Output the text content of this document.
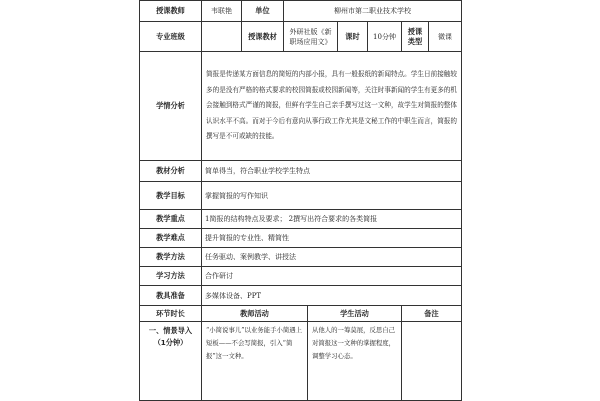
授课教师	韦联艳	单位	柳州市第二职业技术学校					
专业班级		授课教材	外研社版《新职场应用文》		课时	10分钟	授课类型	微课
学情分析	简报是传递某方面信息的简短的内部小报，具有一般报纸的新闻特点。学生日前接触较多的是没有严格的格式要求的校园简报或校园新闻等，关注时事新闻的学生有更多的机会接触到格式严谨的简报，但鲜有学生自己亲手撰写过这一文种，故学生对简报的整体认识水平不高。而对于今后有意向从事行政工作尤其是文秘工作的中职生而言，简报的撰写是不可或缺的技能。							
教材分析	简单得当，符合职业学校学生特点							
教学目标	掌握简报的写作知识							
教学重点	1简报的结构特点及要求； 2撰写出符合要求的各类简报							
教学难点	提升简报的专业性、精简性							
教学方法	任务驱动、案例教学、讲授法							
学习方法	合作研讨							
教具准备	多媒体设备、PPT							
环节时长	教师活动			学生活动			备注	
一、情景导入（1分钟）	“小简说事儿”以业务能手小简遇上短板——不会写简报，引入“简报”这一文种。			从他人的一筹莫展，反思自己对简报这一文种的掌握程度，调整学习心态。				
